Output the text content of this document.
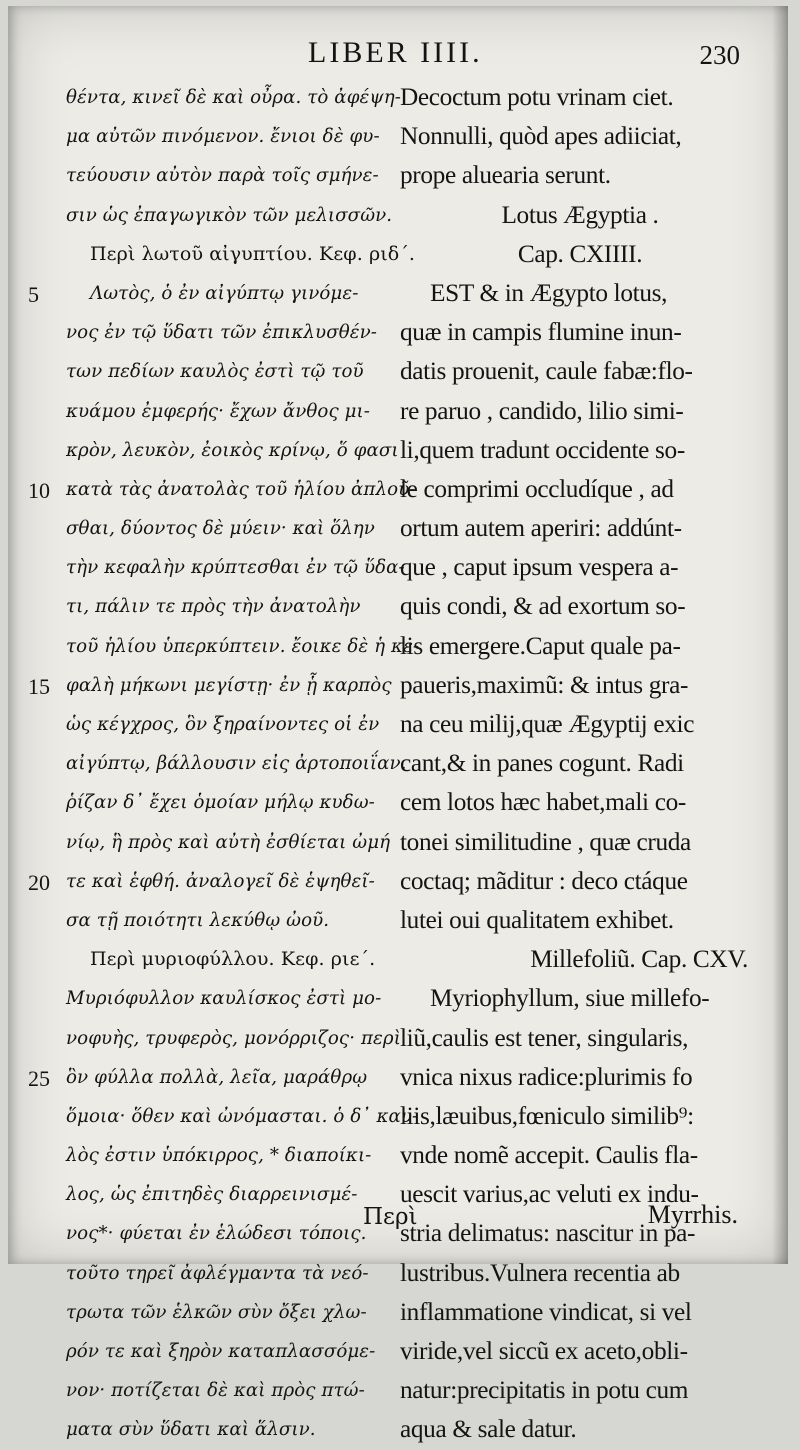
LIBER IIII.	230
θέντα, κινεῖ δὲ καὶ οὖρα. τὸ ἀφέψη-
μα αὐτῶν πινόμενον. ἔνιοι δὲ φυ-
τεύουσιν αὐτὸν παρὰ τοῖς σμήνε-
σιν ὡς ἐπαγωγικὸν τῶν μελισσῶν.
Περὶ λωτοῦ αἰγυπτίου. Κεφ. ριδ΄.
Λωτὸς, ὁ ἐν αἰγύπτῳ γινόμε-
νος ἐν τῷ ὕδατι τῶν ἐπικλυσθέν-
των πεδίων καυλὸς ἐστὶ τῷ τοῦ
κυάμου ἐμφερής· ἔχων ἄνθος μι-
κρὸν, λευκὸν, ἐοικὸς κρίνῳ, ὅ φασι
κατὰ τὰς ἀνατολὰς τοῦ ἡλίου ἀπλοῦ-
σθαι, δύοντος δὲ μύειν· καὶ ὅλην
τὴν κεφαλὴν κρύπτεσθαι ἐν τῷ ὕδα-
τι, πάλιν τε πρὸς τὴν ἀνατολὴν
τοῦ ἡλίου ὑπερκύπτειν. ἔοικε δὲ ἡ κε-
φαλὴ μήκωνι μεγίστῃ· ἐν ᾗ καρπὸς
ὡς κέγχρος, ὃν ξηραίνοντες οἱ ἐν
αἰγύπτῳ, βάλλουσιν εἰς ἀρτοποιΐαν.
ῥίζαν δ᾽ ἔχει ὁμοίαν μήλῳ κυδω-
νίῳ, ἣ πρὸς καὶ αὐτὴ ἐσθίεται ὠμή
τε καὶ ἑφθή. ἀναλογεῖ δὲ ἑψηθεῖ-
σα τῇ ποιότητι λεκύθῳ ὠοῦ.
Περὶ μυριοφύλλου. Κεφ. ριε΄.
Μυριόφυλλον καυλίσκος ἐστὶ μο-
νοφυὴς, τρυφερὸς, μονόρριζος· περὶ
ὃν φύλλα πολλὰ, λεῖα, μαράθρῳ
ὅμοια· ὅθεν καὶ ὠνόμασται. ὁ δ᾽ καυ-
λὸς ἐστιν ὑπόκιρρος, * διαποίκι-
λος, ὡς ἐπιτηδὲς διαρρεινισμέ-
νος*· φύεται ἐν ἑλώδεσι τόποις.
τοῦτο τηρεῖ ἀφλέγμαντα τὰ νεό-
τρωτα τῶν ἑλκῶν σὺν ὄξει χλω-
ρόν τε καὶ ξηρὸν καταπλασσόμε-
νον· ποτίζεται δὲ καὶ πρὸς πτώ-
ματα σὺν ὕδατι καὶ ἅλσιν.
Decoctum potu vrinam ciet.
Nonnulli, quòd apes adiiciat,
prope aluearia serunt.
Lotus Ægyptia .
Cap. CXIIII.
EST & in Ægypto lotus,
quæ in campis flumine inun-
datis prouenit, caule fabæ:flo-
re paruo , candido, lilio simi-
li,quem tradunt occidente so-
le comprimi occludíque , ad
ortum autem aperiri: addúnt-
que , caput ipsum vespera a-
quis condi, & ad exortum so-
lis emergere.Caput quale pa-
paueris,maximũ: & intus gra-
na ceu milij,quæ Ægyptij exic
cant,& in panes cogunt. Radi
cem lotos hæc habet,mali co-
tonei similitudine , quæ cruda
coctaq; mãditur : deco ctáque
lutei oui qualitatem exhibet.
Millefoliũ. Cap. CXV.
Myriophyllum, siue millefo-
liũ,caulis est tener, singularis,
vnica nixus radice:plurimis fo
liis,læuibus,fœniculo similib⁹:
vnde nomẽ accepit. Caulis fla-
uescit varius,ac veluti ex indu-
stria delimatus: nascitur in pa-
lustribus.Vulnera recentia ab
inflammatione vindicat, si vel
viride,vel siccũ ex aceto,obli-
natur:precipitatis in potu cum
aqua & sale datur.
5
10
15
20
25
Περὶ	Myrrhis.
